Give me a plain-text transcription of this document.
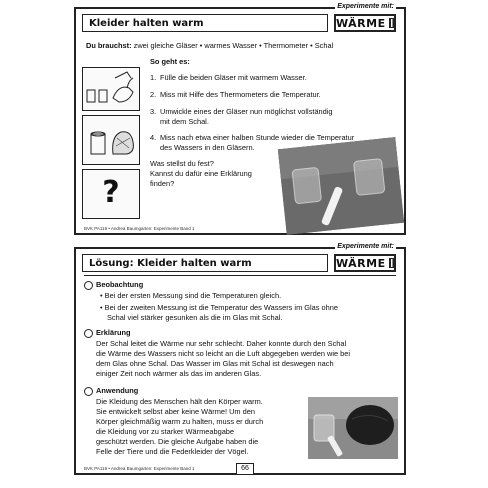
Experimente mit:
WÄRME
Kleider halten warm
Du brauchst: zwei gleiche Gläser • warmes Wasser • Thermometer • Schal
?
So geht es:
1. Fülle die beiden Gläser mit warmem Wasser.
2. Miss mit Hilfe des Thermometers die Temperatur.
3. Umwickle eines der Gläser nun möglichst vollständig
mit dem Schal.
4. Miss nach etwa einer halben Stunde wieder die Temperatur
des Wassers in den Gläsern.
Was stellst du fest?
Kannst du dafür eine Erklärung
finden?
BVK PA119 • Andrea Baumgarten: Experimente Band 1
Experimente mit:
WÄRME
Lösung: Kleider halten warm
Beobachtung
• Bei der ersten Messung sind die Temperaturen gleich.
• Bei der zweiten Messung ist die Temperatur des Wassers im Glas ohne
Schal viel stärker gesunken als die im Glas mit Schal.
Erklärung
Der Schal leitet die Wärme nur sehr schlecht. Daher konnte durch den Schal
die Wärme des Wassers nicht so leicht an die Luft abgegeben werden wie bei
dem Glas ohne Schal. Das Wasser im Glas mit Schal ist deswegen nach
einiger Zeit noch wärmer als das im anderen Glas.
Anwendung
Die Kleidung des Menschen hält den Körper warm.
Sie entwickelt selbst aber keine Wärme! Um den
Körper gleichmäßig warm zu halten, muss er durch
die Kleidung vor zu starker Wärmeabgabe
geschützt werden. Die gleiche Aufgabe haben die
Felle der Tiere und die Federkleider der Vögel.
BVK PA119 • Andrea Baumgarten: Experimente Band 1	66
